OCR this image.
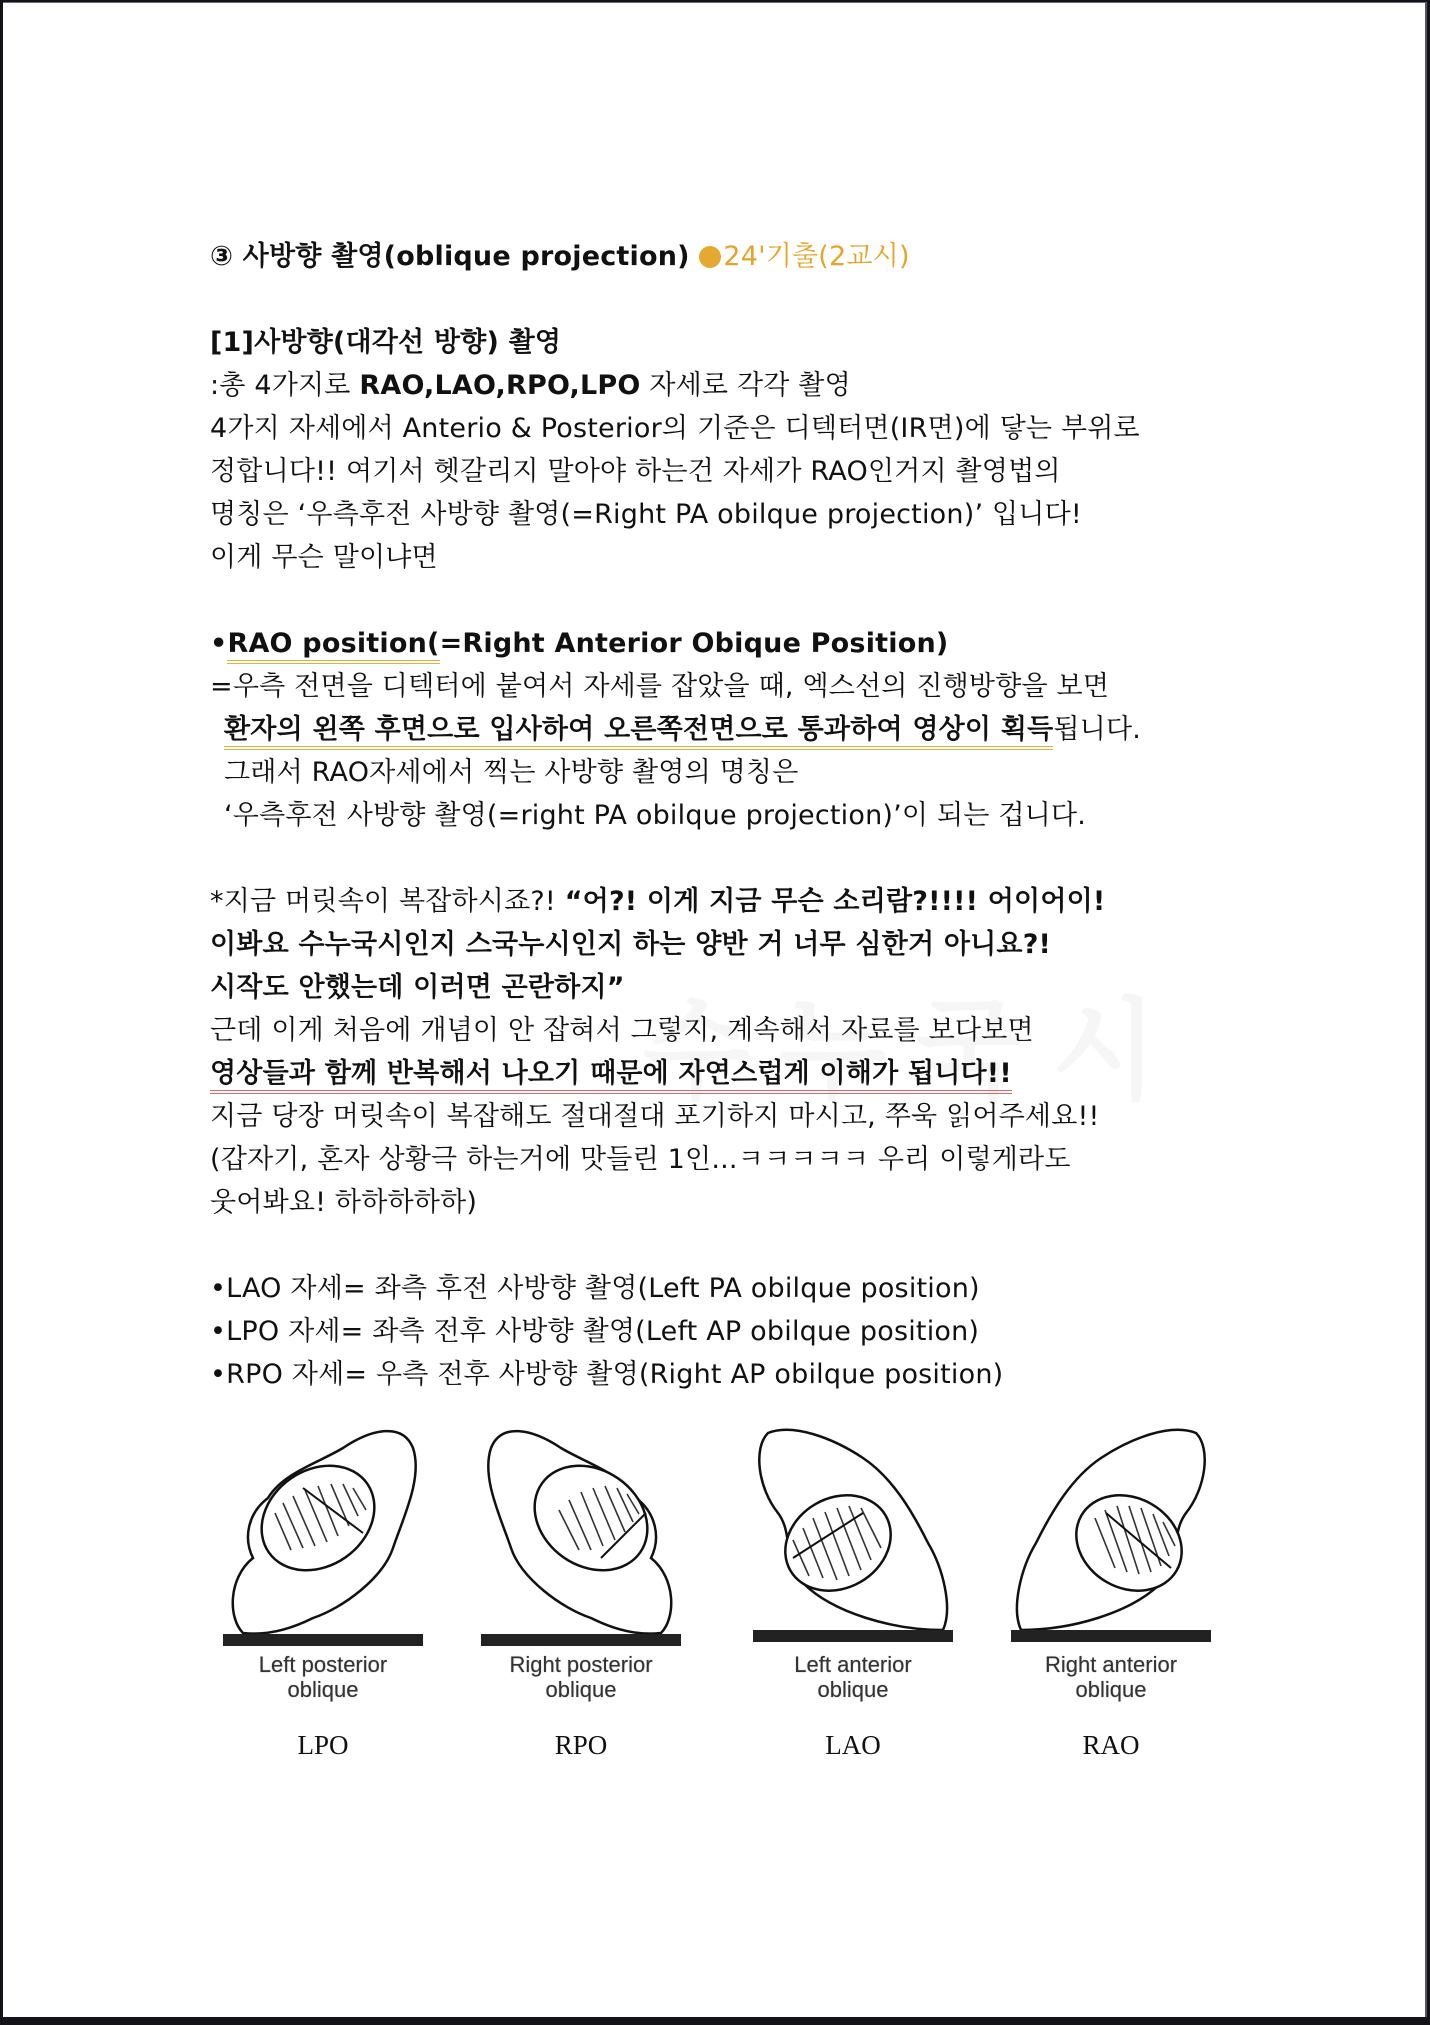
③ 사방향 촬영(oblique projection) 24'기출(2교시)
[1]사방향(대각선 방향) 촬영
:총 4가지로 RAO,LAO,RPO,LPO 자세로 각각 촬영
4가지 자세에서 Anterio & Posterior의 기준은 디텍터면(IR면)에 닿는 부위로
정합니다!! 여기서 헷갈리지 말아야 하는건 자세가 RAO인거지 촬영법의
명칭은 ‘우측후전 사방향 촬영(=Right PA obilque projection)’ 입니다!
이게 무슨 말이냐면
•RAO position(=Right Anterior Obique Position)
=우측 전면을 디텍터에 붙여서 자세를 잡았을 때, 엑스선의 진행방향을 보면
환자의 왼쪽 후면으로 입사하여 오른쪽전면으로 통과하여 영상이 획득됩니다.
그래서 RAO자세에서 찍는 사방향 촬영의 명칭은
‘우측후전 사방향 촬영(=right PA obilque projection)’이 되는 겁니다.
*지금 머릿속이 복잡하시죠?! “어?! 이게 지금 무슨 소리람?!!!! 어이어이!
이봐요 수누국시인지 스국누시인지 하는 양반 거 너무 심한거 아니요?!
시작도 안했는데 이러면 곤란하지”
근데 이게 처음에 개념이 안 잡혀서 그렇지, 계속해서 자료를 보다보면
영상들과 함께 반복해서 나오기 때문에 자연스럽게 이해가 됩니다!!
지금 당장 머릿속이 복잡해도 절대절대 포기하지 마시고, 쭈욱 읽어주세요!!
(갑자기, 혼자 상황극 하는거에 맛들린 1인...ㅋㅋㅋㅋㅋ 우리 이렇게라도
웃어봐요! 하하하하하)
•LAO 자세= 좌측 후전 사방향 촬영(Left PA obilque position)
•LPO 자세= 좌측 전후 사방향 촬영(Left AP obilque position)
•RPO 자세= 우측 전후 사방향 촬영(Right AP obilque position)
Left posterior
oblique
LPO
Right posterior
oblique
RPO
Left anterior
oblique
LAO
Right anterior
oblique
RAO
